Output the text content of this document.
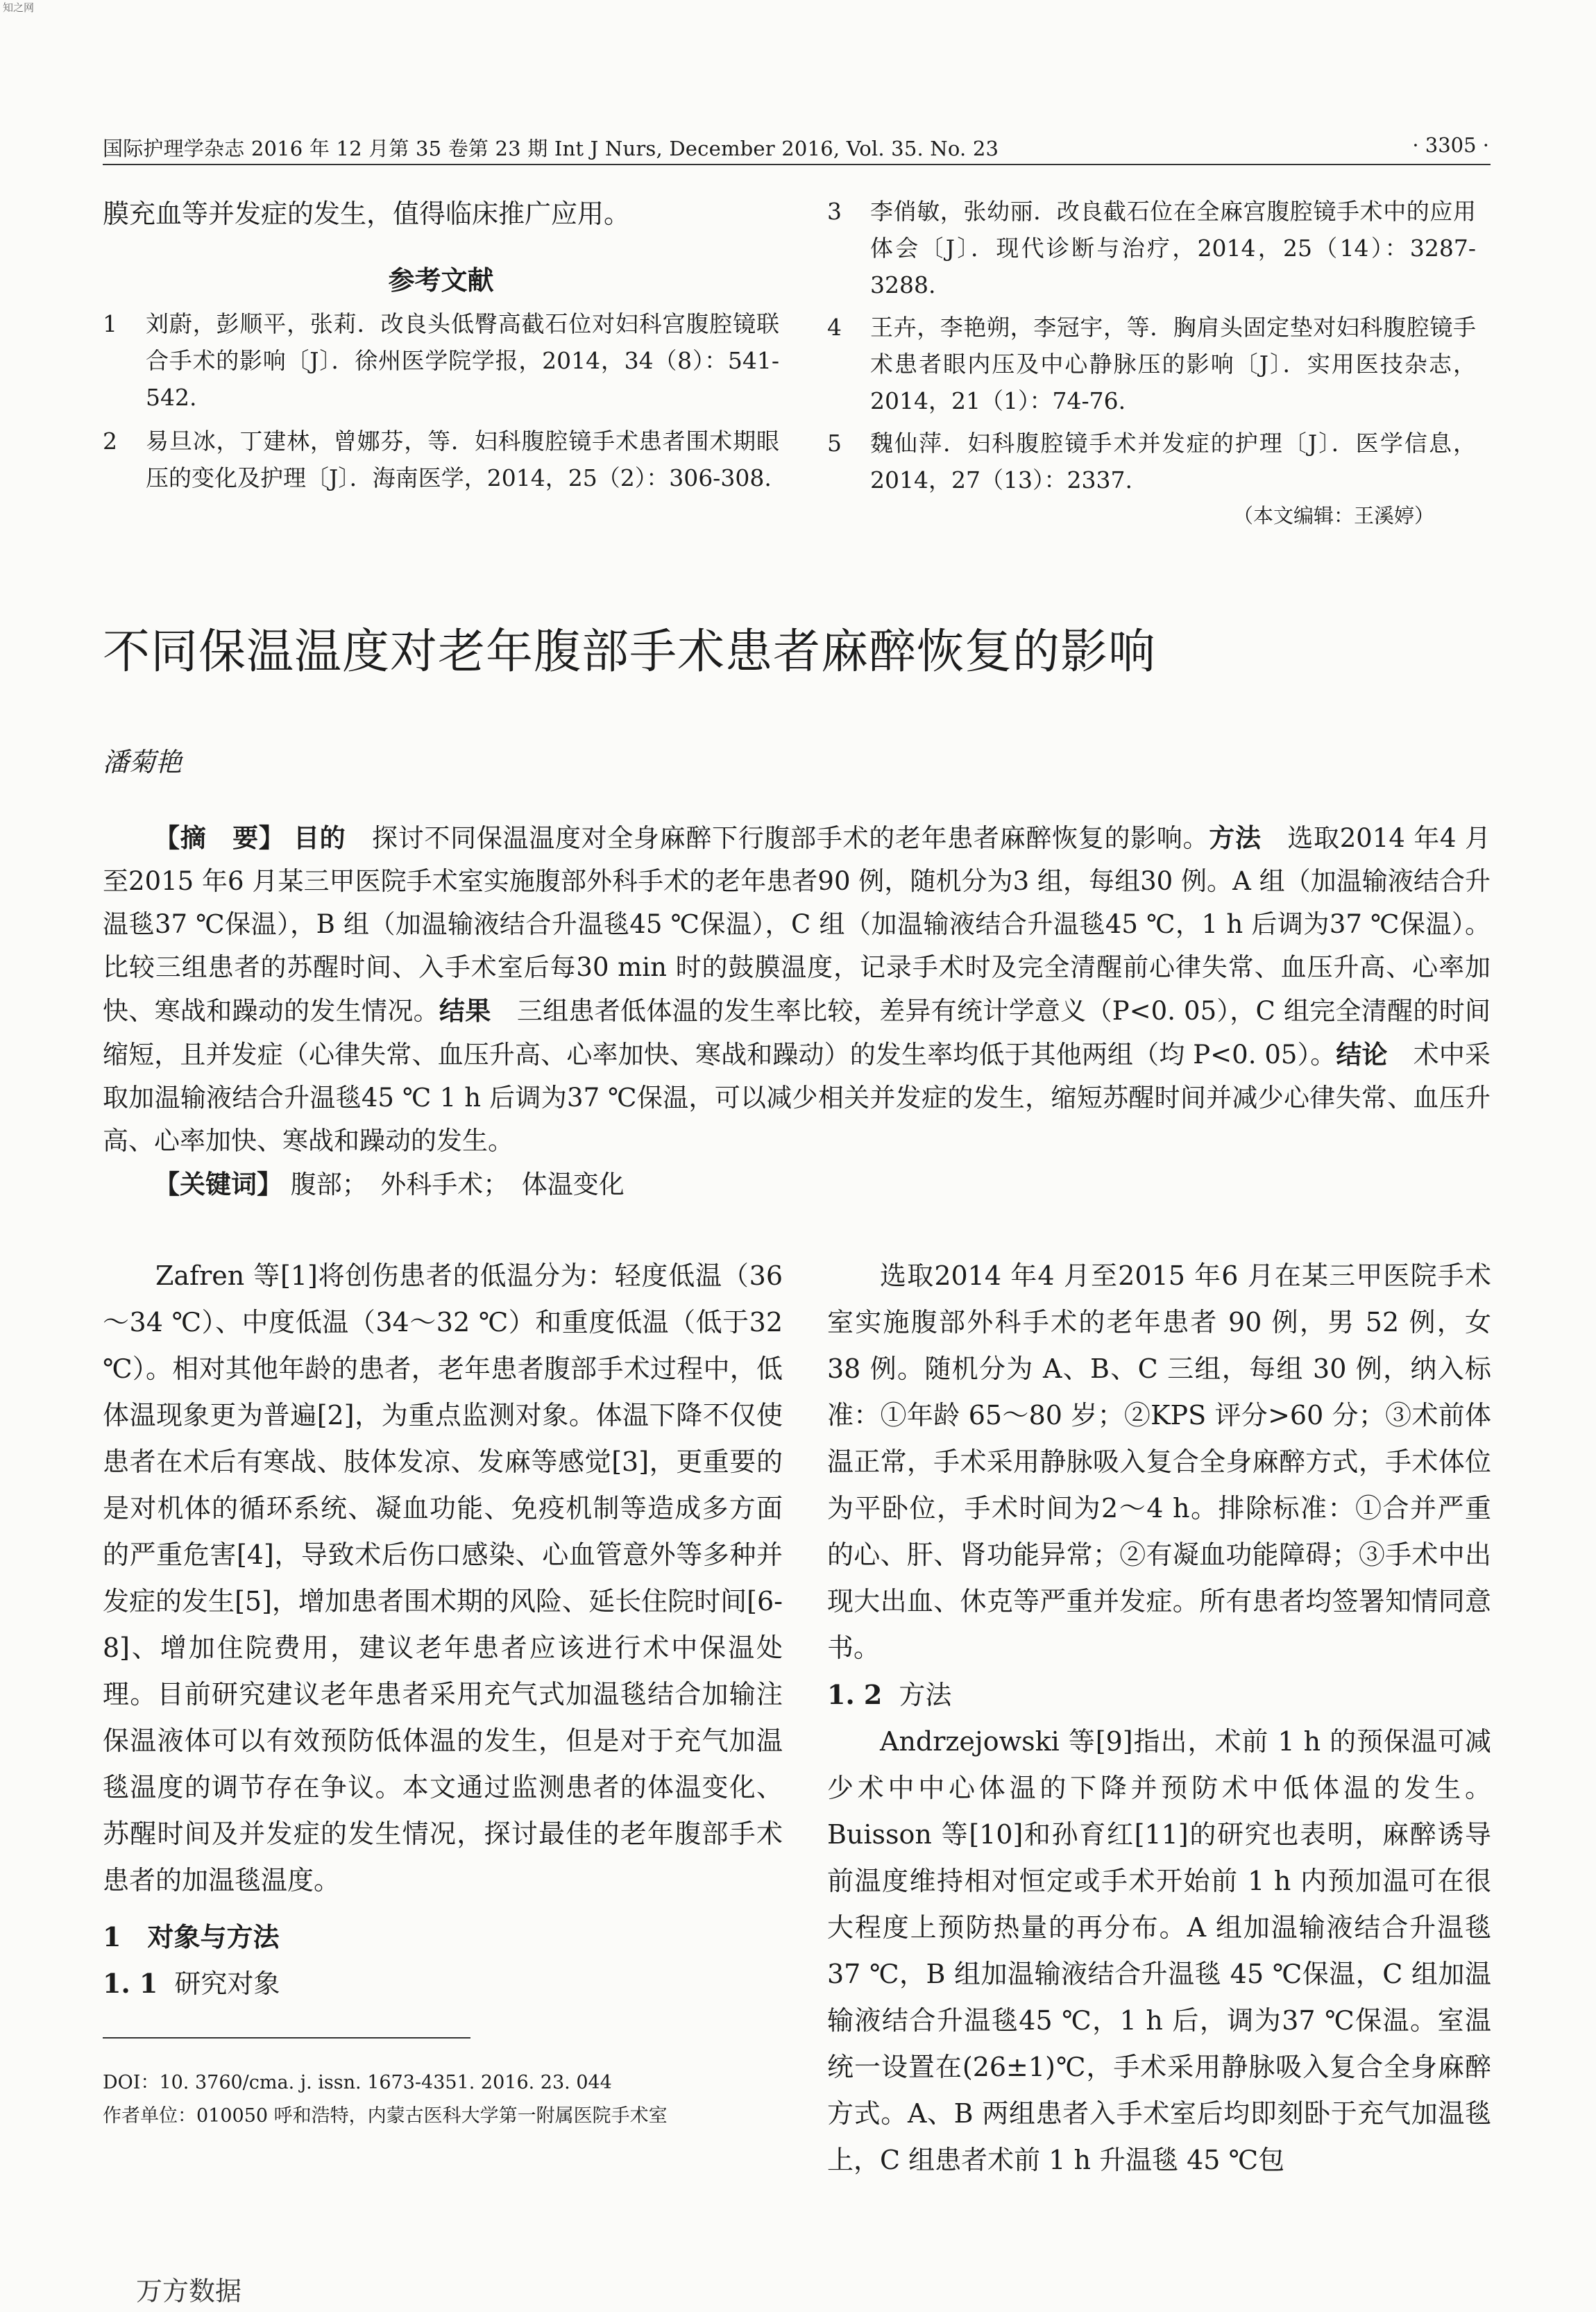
知之网
国际护理学杂志 2016 年 12 月第 35 卷第 23 期 Int J Nurs, December 2016, Vol. 35. No. 23	· 3305 ·

膜充血等并发症的发生，值得临床推广应用。

参考文献
1	刘蔚，彭顺平，张莉．改良头低臀高截石位对妇科宫腹腔镜联合手术的影响〔J〕．徐州医学院学报，2014，34（8）：541-542.
2	易旦冰，丁建林，曾娜芬，等．妇科腹腔镜手术患者围术期眼压的变化及护理〔J〕．海南医学，2014，25（2）：306-308.
3	李俏敏，张幼丽．改良截石位在全麻宫腹腔镜手术中的应用体会〔J〕．现代诊断与治疗，2014，25（14）：3287-3288.
4	王卉，李艳朔，李冠宇，等．胸肩头固定垫对妇科腹腔镜手术患者眼内压及中心静脉压的影响〔J〕．实用医技杂志，2014，21（1）：74-76.
5	魏仙萍．妇科腹腔镜手术并发症的护理〔J〕．医学信息，2014，27（13）：2337.
（本文编辑：王溪婷）
不同保温温度对老年腹部手术患者麻醉恢复的影响
潘菊艳

【摘　要】 目的　 探讨不同保温温度对全身麻醉下行腹部手术的老年患者麻醉恢复的影响。方法　 选取2014 年4 月至2015 年6 月某三甲医院手术室实施腹部外科手术的老年患者90 例，随机分为3 组，每组30 例。A 组（加温输液结合升温毯37 ℃保温），B 组（加温输液结合升温毯45 ℃保温），C 组（加温输液结合升温毯45 ℃，1 h 后调为37 ℃保温）。比较三组患者的苏醒时间、入手术室后每30 min 时的鼓膜温度，记录手术时及完全清醒前心律失常、血压升高、心率加快、寒战和躁动的发生情况。结果　 三组患者低体温的发生率比较，差异有统计学意义（P<0. 05），C 组完全清醒的时间缩短，且并发症（心律失常、血压升高、心率加快、寒战和躁动）的发生率均低于其他两组（均 P<0. 05）。结论　 术中采取加温输液结合升温毯45 ℃ 1 h 后调为37 ℃保温，可以减少相关并发症的发生，缩短苏醒时间并减少心律失常、血压升高、心率加快、寒战和躁动的发生。

【关键词】 腹部；　外科手术；　体温变化

Zafren 等[1]将创伤患者的低温分为：轻度低温（36～34 ℃）、中度低温（34～32 ℃）和重度低温（低于32 ℃）。相对其他年龄的患者，老年患者腹部手术过程中，低体温现象更为普遍[2]，为重点监测对象。体温下降不仅使患者在术后有寒战、肢体发凉、发麻等感觉[3]，更重要的是对机体的循环系统、凝血功能、免疫机制等造成多方面的严重危害[4]，导致术后伤口感染、心血管意外等多种并发症的发生[5]，增加患者围术期的风险、延长住院时间[6-8]、增加住院费用，建议老年患者应该进行术中保温处理。目前研究建议老年患者采用充气式加温毯结合加输注保温液体可以有效预防低体温的发生，但是对于充气加温毯温度的调节存在争议。本文通过监测患者的体温变化、苏醒时间及并发症的发生情况，探讨最佳的老年腹部手术患者的加温毯温度。

1　对象与方法
1. 1 研究对象

选取2014 年4 月至2015 年6 月在某三甲医院手术室实施腹部外科手术的老年患者 90 例，男 52 例，女 38 例。随机分为 A、B、C 三组，每组 30 例，纳入标准：①年龄 65～80 岁；②KPS 评分>60 分；③术前体温正常，手术采用静脉吸入复合全身麻醉方式，手术体位为平卧位，手术时间为2～4 h。排除标准：①合并严重的心、肝、肾功能异常；②有凝血功能障碍；③手术中出现大出血、休克等严重并发症。所有患者均签署知情同意书。

1. 2 方法

Andrzejowski 等[9]指出，术前 1 h 的预保温可减少术中中心体温的下降并预防术中低体温的发生。Buisson 等[10]和孙育红[11]的研究也表明，麻醉诱导前温度维持相对恒定或手术开始前 1 h 内预加温可在很大程度上预防热量的再分布。A 组加温输液结合升温毯 37 ℃，B 组加温输液结合升温毯 45 ℃保温，C 组加温输液结合升温毯45 ℃，1 h 后，调为37 ℃保温。室温统一设置在(26±1)℃，手术采用静脉吸入复合全身麻醉方式。A、B 两组患者入手术室后均即刻卧于充气加温毯上，C 组患者术前 1 h 升温毯 45 ℃包

DOI：10. 3760/cma. j. issn. 1673-4351. 2016. 23. 044
作者单位：010050 呼和浩特，内蒙古医科大学第一附属医院手术室
万方数据
